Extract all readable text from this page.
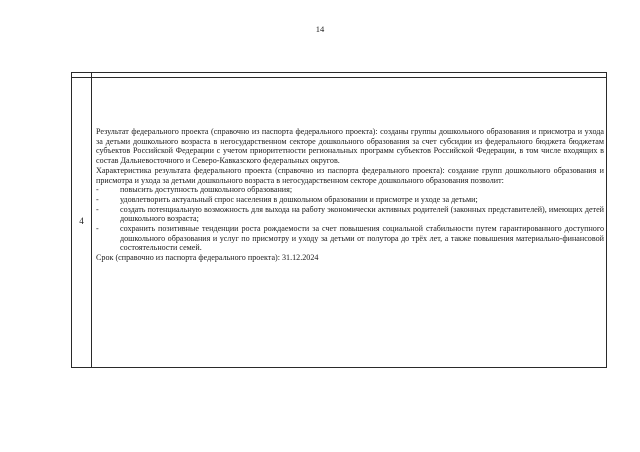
14
4

Результат федерального проекта (справочно из паспорта федерального проекта): созданы группы дошкольного образования и присмотра и ухода за детьми дошкольного возраста в негосударственном секторе дошкольного образования за счет субсидии из федерального бюджета бюджетам субъектов Российской Федерации с учетом приоритетности региональных программ субъектов Российской Федерации, в том числе входящих в состав Дальневосточного и Северо-Кавказского федеральных округов.

Характеристика результата федерального проекта (справочно из паспорта федерального проекта): создание групп дошкольного образования и присмотра и ухода за детьми дошкольного возраста в негосударственном секторе дошкольного образования позволит:

-	повысить доступность дошкольного образования;
-	удовлетворить актуальный спрос населения в дошкольном образовании и присмотре и уходе за детьми;
-	создать потенциальную возможность для выхода на работу экономически активных родителей (законных представителей), имеющих детей дошкольного возраста;
-	сохранить позитивные тенденции роста рождаемости за счет повышения социальной стабильности путем гарантированного доступного дошкольного образования и услуг по присмотру и уходу за детьми от полутора до трёх лет, а также повышения материально-финансовой состоятельности семей.

Срок (справочно из паспорта федерального проекта): 31.12.2024
